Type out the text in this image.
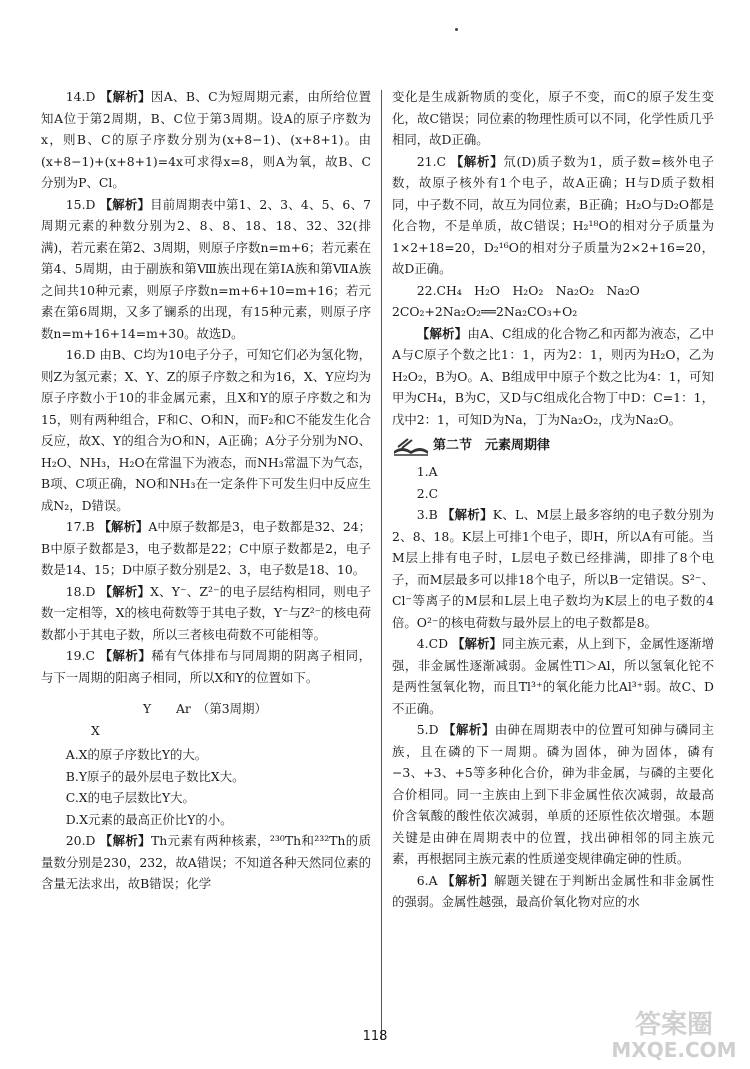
14.D 【解析】因A、B、C为短周期元素，由所给位置知A位于第2周期，B、C位于第3周期。设A的原子序数为x，则B、C的原子序数分别为(x+8−1)、(x+8+1)。由(x+8−1)+(x+8+1)=4x可求得x=8，则A为氧，故B、C分别为P、Cl。

15.D 【解析】目前周期表中第1、2、3、4、5、6、7周期元素的种数分别为2、8、8、18、18、32、32(排满)，若元素在第2、3周期，则原子序数n=m+6；若元素在第4、5周期，由于副族和第Ⅷ族出现在第ⅠA族和第ⅦA族之间共10种元素，则原子序数n=m+6+10=m+16；若元素在第6周期，又多了镧系的出现，有15种元素，则原子序数n=m+16+14=m+30。故选D。

16.D 由B、C均为10电子分子，可知它们必为氢化物，则Z为氢元素；X、Y、Z的原子序数之和为16，X、Y应均为原子序数小于10的非金属元素，且X和Y的原子序数之和为15，则有两种组合，F和C、O和N，而F₂和C不能发生化合反应，故X、Y的组合为O和N，A正确；A分子分别为NO、H₂O、NH₃，H₂O在常温下为液态，而NH₃常温下为气态，B项、C项正确，NO和NH₃在一定条件下可发生归中反应生成N₂，D错误。

17.B 【解析】A中原子数都是3，电子数都是32、24；B中原子数都是3，电子数都是22；C中原子数都是2，电子数是14、15；D中原子数分别是2、3，电子数是18、10。

18.D 【解析】X、Y⁻、Z²⁻的电子层结构相同，则电子数一定相等，X的核电荷数等于其电子数，Y⁻与Z²⁻的核电荷数都小于其电子数，所以三者核电荷数不可能相等。

19.C 【解析】稀有气体排布与同周期的阴离子相同，与下一周期的阳离子相同，所以X和Y的位置如下。

Y　　Ar　（第3周期）
X

A.X的原子序数比Y的大。

B.Y原子的最外层电子数比X大。

C.X的电子层数比Y大。

D.X元素的最高正价比Y的小。

20.D 【解析】Th元素有两种核素，²³⁰Th和²³²Th的质量数分别是230，232，故A错误；不知道各种天然同位素的含量无法求出，故B错误；化学

变化是生成新物质的变化，原子不变，而C的原子发生变化，故C错误；同位素的物理性质可以不同，化学性质几乎相同，故D正确。

21.C 【解析】氘(D)质子数为1，质子数=核外电子数，故原子核外有1个电子，故A正确；H与D质子数相同，中子数不同，故互为同位素，B正确；H₂O与D₂O都是化合物，不是单质，故C错误；H₂¹⁸O的相对分子质量为1×2+18=20，D₂¹⁶O的相对分子质量为2×2+16=20，故D正确。

22.CH₄　H₂O　H₂O₂　Na₂O₂　Na₂O

2CO₂+2Na₂O₂══2Na₂CO₃+O₂

【解析】由A、C组成的化合物乙和丙都为液态，乙中A与C原子个数之比1：1，丙为2：1，则丙为H₂O，乙为H₂O₂，B为O。A、B组成甲中原子个数之比为4：1，可知甲为CH₄，B为C，又D与C组成化合物丁中D：C=1：1，戊中2：1，可知D为Na，丁为Na₂O₂，戊为Na₂O。

第二节　元素周期律

1.A

2.C

3.B 【解析】K、L、M层上最多容纳的电子数分别为2、8、18。K层上可排1个电子，即H，所以A有可能。当M层上排有电子时，L层电子数已经排满，即排了8个电子，而M层最多可以排18个电子，所以B一定错误。S²⁻、Cl⁻等离子的M层和L层上电子数均为K层上的电子数的4倍。O²⁻的核电荷数与最外层上的电子数都是8。

4.CD 【解析】同主族元素，从上到下，金属性逐渐增强，非金属性逐渐减弱。金属性Tl＞Al，所以氢氧化铊不是两性氢氧化物，而且Tl³⁺的氧化能力比Al³⁺弱。故C、D不正确。

5.D 【解析】由砷在周期表中的位置可知砷与磷同主族，且在磷的下一周期。磷为固体，砷为固体，磷有−3、+3、+5等多种化合价，砷为非金属，与磷的主要化合价相同。同一主族由上到下非金属性依次减弱，故最高价含氧酸的酸性依次减弱，单质的还原性依次增强。本题关键是由砷在周期表中的位置，找出砷相邻的同主族元素，再根据同主族元素的性质递变规律确定砷的性质。

6.A 【解析】解题关键在于判断出金属性和非金属性的强弱。金属性越强，最高价氧化物对应的水

118	答案圈
MXQE.COM
